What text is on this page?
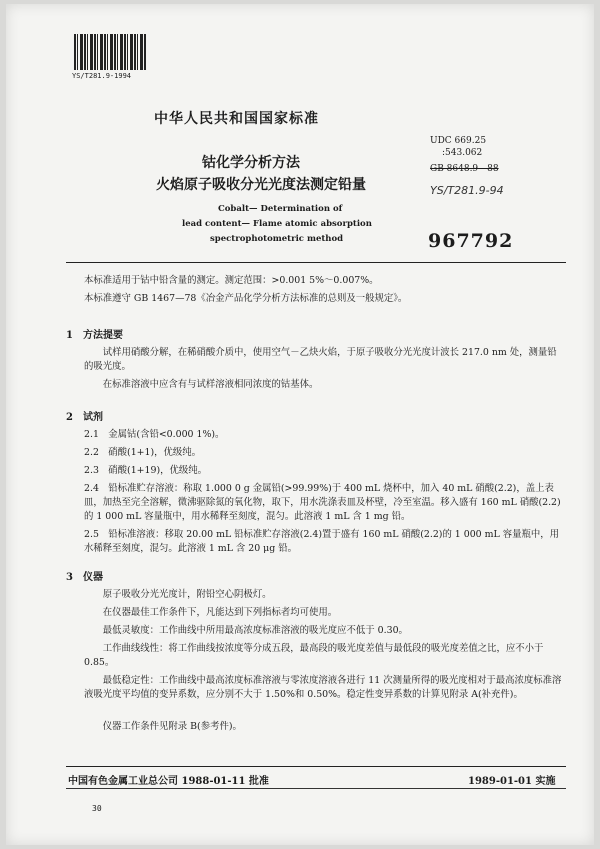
YS/T281.9-1994
中华人民共和国国家标准
钴化学分析方法
火焰原子吸收分光光度法测定铅量
Cobalt— Determination of
lead content— Flame atomic absorption
spectrophotometric method
UDC 669.25
:543.062
GB 8648.9—88
YS/T281.9-94
967792
本标准适用于钴中铅含量的测定。测定范围：>0.001 5%～0.007%。
本标准遵守 GB 1467—78《冶金产品化学分析方法标准的总则及一般规定》。
1　方法提要
试样用硝酸分解，在稀硝酸介质中，使用空气－乙炔火焰，于原子吸收分光光度计波长 217.0 nm 处，测量铅的吸光度。
在标准溶液中应含有与试样溶液相同浓度的钴基体。
2　试剂
2.1　金属钴(含铅<0.000 1%)。
2.2　硝酸(1+1)，优级纯。
2.3　硝酸(1+19)，优级纯。
2.4　铅标准贮存溶液：称取 1.000 0 g 金属铅(>99.99%)于 400 mL 烧杯中，加入 40 mL 硝酸(2.2)，盖上表皿，加热至完全溶解，微沸驱除氮的氧化物，取下，用水洗涤表皿及杯壁，冷至室温。移入盛有 160 mL 硝酸(2.2)的 1 000 mL 容量瓶中，用水稀释至刻度，混匀。此溶液 1 mL 含 1 mg 铅。
2.5　铅标准溶液：移取 20.00 mL 铅标准贮存溶液(2.4)置于盛有 160 mL 硝酸(2.2)的 1 000 mL 容量瓶中，用水稀释至刻度，混匀。此溶液 1 mL 含 20 μg 铅。
3　仪器
原子吸收分光光度计，附铅空心阴极灯。
在仪器最佳工作条件下，凡能达到下列指标者均可使用。
最低灵敏度：工作曲线中所用最高浓度标准溶液的吸光度应不低于 0.30。
工作曲线线性：将工作曲线按浓度等分成五段，最高段的吸光度差值与最低段的吸光度差值之比，应不小于 0.85。
最低稳定性：工作曲线中最高浓度标准溶液与零浓度溶液各进行 11 次测量所得的吸光度相对于最高浓度标准溶液吸光度平均值的变异系数，应分别不大于 1.50%和 0.50%。稳定性变异系数的计算见附录 A(补充件)。
仪器工作条件见附录 B(参考件)。
中国有色金属工业总公司 1988-01-11 批准	1989-01-01 实施
30
